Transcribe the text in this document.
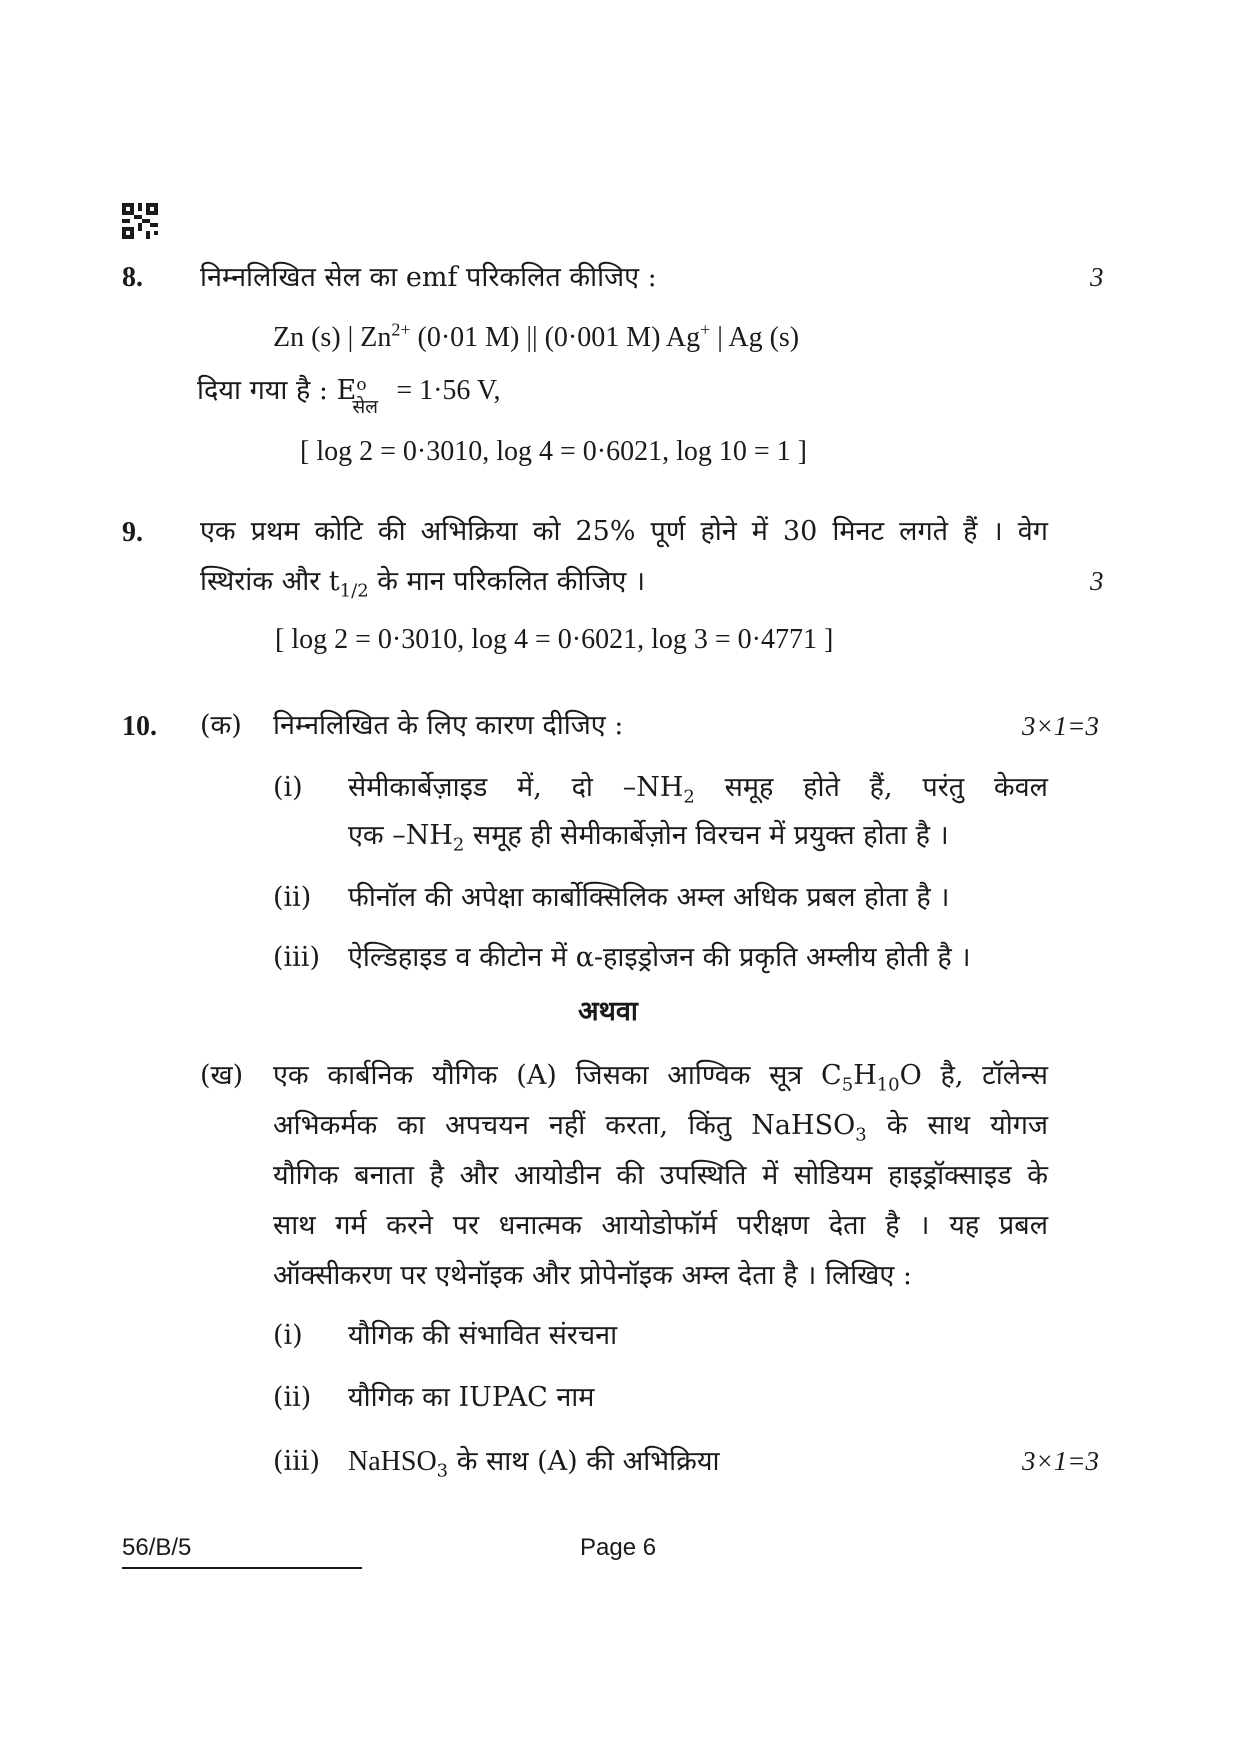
8. निम्नलिखित सेल का emf परिकलित कीजिए :	3
Zn (s) | $Zn^{2+}$ (0·01 M) || (0·001 M) Ag+ | Ag (s)
दिया गया है : E o
सेल
= 1·56 V,
[ log 2 = 0·3010, log 4 = 0·6021, log 10 = 1 ]
9. एक प्रथम कोटि की अभिक्रिया को 25% पूर्ण होने में 30 मिनट लगते हैं । वेग
स्थिरांक और $t_{1/2}$ के मान परिकलित कीजिए ।	3
[ log 2 = 0·3010, log 4 = 0·6021, log 3 = 0·4771 ]
10. (क) निम्नलिखित के लिए कारण दीजिए :	3×1=3
(i) सेमीकार्बेज़ाइड में, दो $-NH_2$ समूह होते हैं, परंतु केवल
एक $-NH_2$ समूह ही सेमीकार्बेज़ोन विरचन में प्रयुक्त होता है ।
(ii) फीनॉल की अपेक्षा कार्बोक्सिलिक अम्ल अधिक प्रबल होता है ।
(iii) ऐल्डिहाइड व कीटोन में α-हाइड्रोजन की प्रकृति अम्लीय होती है ।
अथवा
(ख) एक कार्बनिक यौगिक (A) जिसका आण्विक सूत्र $C_5H_{10}O$ है, टॉलेन्स
अभिकर्मक का अपचयन नहीं करता, किंतु NaHSO$_3$ के साथ योगज
यौगिक बनाता है और आयोडीन की उपस्थिति में सोडियम हाइड्रॉक्साइड के
साथ गर्म करने पर धनात्मक आयोडोफॉर्म परीक्षण देता है । यह प्रबल
ऑक्सीकरण पर एथेनॉइक और प्रोपेनॉइक अम्ल देता है । लिखिए :
(i) यौगिक की संभावित संरचना
(ii) यौगिक का IUPAC नाम
(iii) NaHSO$_3$ के साथ (A) की अभिक्रिया	3×1=3
56/B/5	Page 6
